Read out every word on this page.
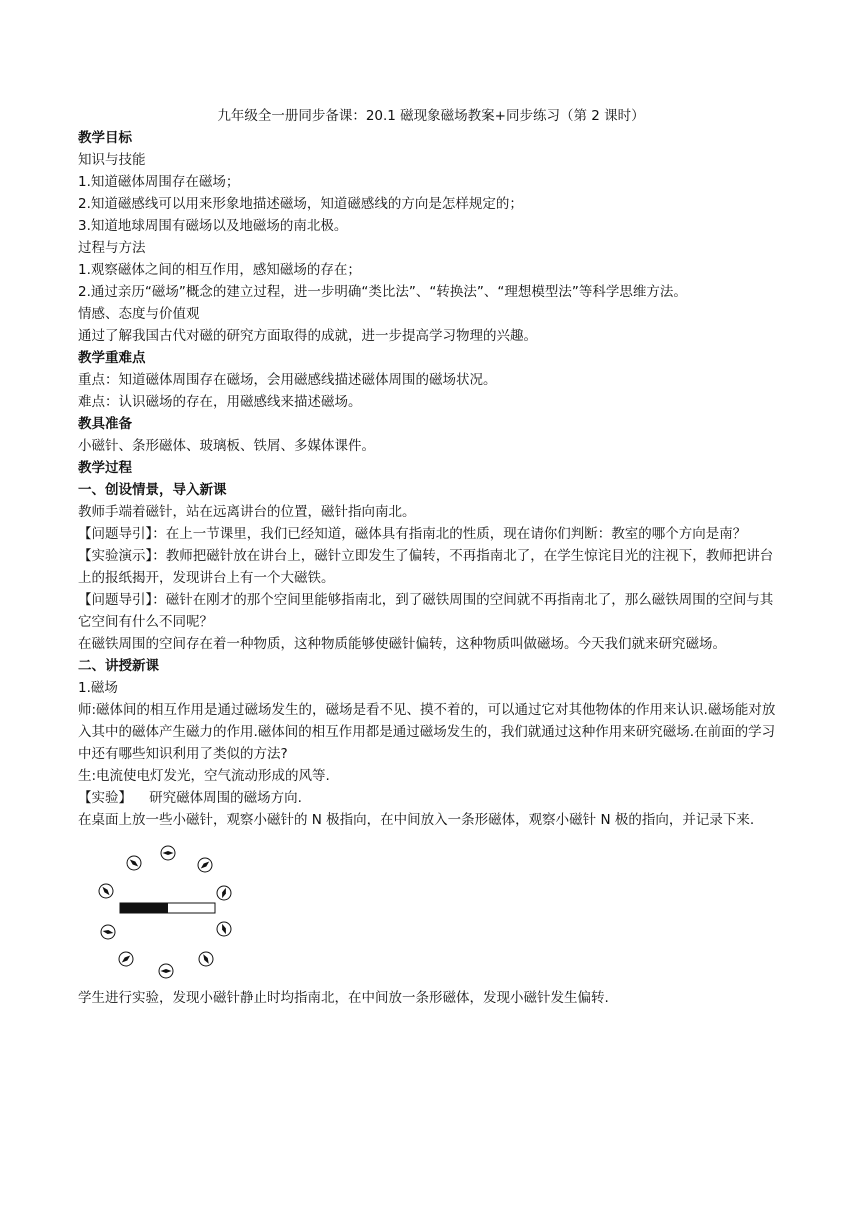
九年级全一册同步备课：20.1 磁现象磁场教案+同步练习（第 2 课时）

教学目标

知识与技能

1.知道磁体周围存在磁场；

2.知道磁感线可以用来形象地描述磁场，知道磁感线的方向是怎样规定的；

3.知道地球周围有磁场以及地磁场的南北极。

过程与方法

1.观察磁体之间的相互作用，感知磁场的存在；

2.通过亲历“磁场”概念的建立过程，进一步明确“类比法”、“转换法”、“理想模型法”等科学思维方法。

情感、态度与价值观

通过了解我国古代对磁的研究方面取得的成就，进一步提高学习物理的兴趣。

教学重难点

重点：知道磁体周围存在磁场，会用磁感线描述磁体周围的磁场状况。

难点：认识磁场的存在，用磁感线来描述磁场。

教具准备

小磁针、条形磁体、玻璃板、铁屑、多媒体课件。

教学过程

一、创设情景，导入新课

教师手端着磁针，站在远离讲台的位置，磁针指向南北。

【问题导引】：在上一节课里，我们已经知道，磁体具有指南北的性质，现在请你们判断：教室的哪个方向是南？

【实验演示】：教师把磁针放在讲台上，磁针立即发生了偏转，不再指南北了，在学生惊诧目光的注视下，教师把讲台上的报纸揭开，发现讲台上有一个大磁铁。

【问题导引】：磁针在刚才的那个空间里能够指南北，到了磁铁周围的空间就不再指南北了，那么磁铁周围的空间与其它空间有什么不同呢？

在磁铁周围的空间存在着一种物质，这种物质能够使磁针偏转，这种物质叫做磁场。今天我们就来研究磁场。

二、讲授新课

1.磁场

师:磁体间的相互作用是通过磁场发生的，磁场是看不见、摸不着的，可以通过它对其他物体的作用来认识.磁场能对放入其中的磁体产生磁力的作用.磁体间的相互作用都是通过磁场发生的，我们就通过这种作用来研究磁场.在前面的学习中还有哪些知识利用了类似的方法?

生:电流使电灯发光，空气流动形成的风等.

【实验】    研究磁体周围的磁场方向.

在桌面上放一些小磁针，观察小磁针的 N 极指向，在中间放入一条形磁体，观察小磁针 N 极的指向，并记录下来.

学生进行实验，发现小磁针静止时均指南北，在中间放一条形磁体，发现小磁针发生偏转.
